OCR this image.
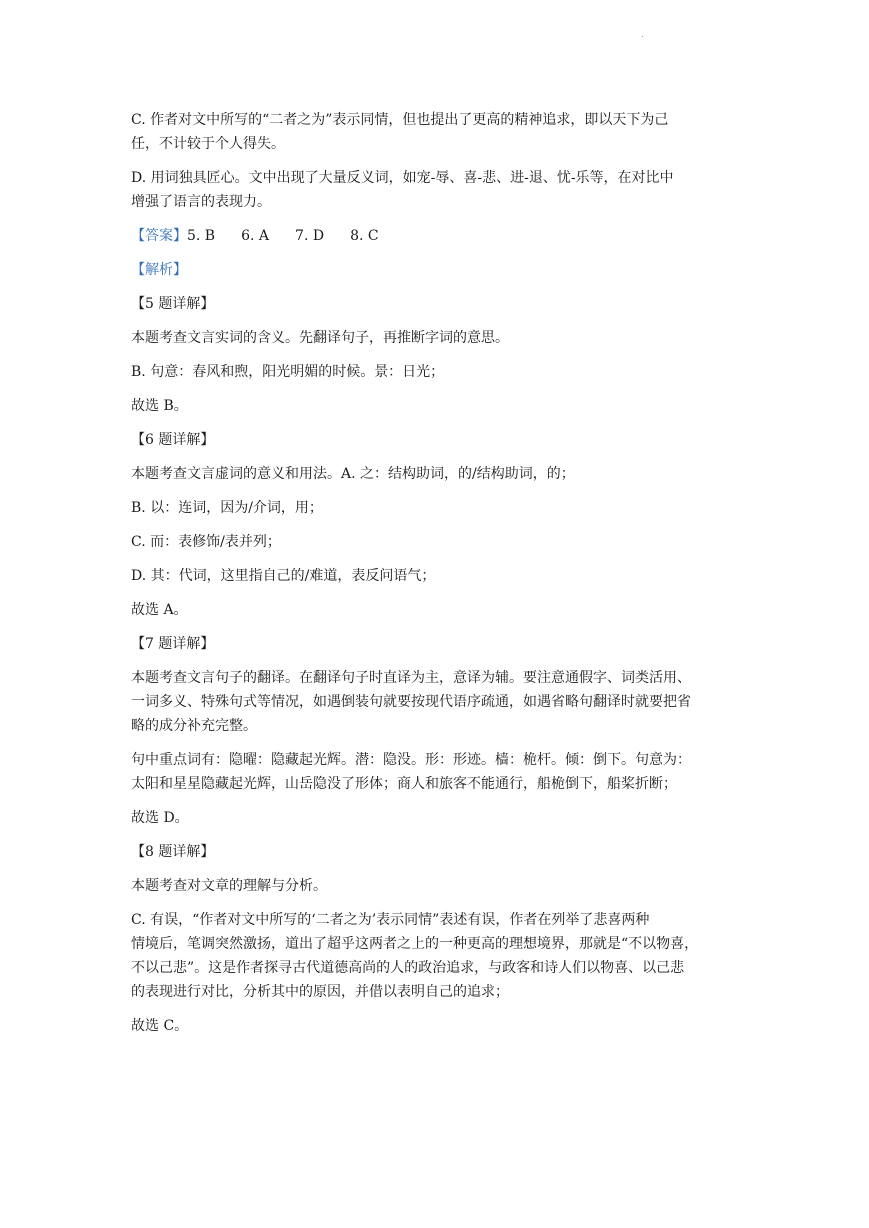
.
C. 作者对文中所写的“二者之为”表示同情，但也提出了更高的精神追求，即以天下为己
任，不计较于个人得失。
D. 用词独具匠心。文中出现了大量反义词，如宠-辱、喜-悲、进-退、忧-乐等，在对比中
增强了语言的表现力。
【答案】5. B 6. A 7. D 8. C
【解析】
【5 题详解】
本题考查文言实词的含义。先翻译句子，再推断字词的意思。
B. 句意：春风和煦，阳光明媚的时候。景：日光；
故选 B。
【6 题详解】
本题考查文言虚词的意义和用法。A. 之：结构助词，的/结构助词，的；
B. 以：连词，因为/介词，用；
C. 而：表修饰/表并列；
D. 其：代词，这里指自己的/难道，表反问语气；
故选 A。
【7 题详解】
本题考查文言句子的翻译。在翻译句子时直译为主，意译为辅。要注意通假字、词类活用、
一词多义、特殊句式等情况，如遇倒装句就要按现代语序疏通，如遇省略句翻译时就要把省
略的成分补充完整。
句中重点词有：隐曜：隐藏起光辉。潜：隐没。形：形迹。樯：桅杆。倾：倒下。句意为：
太阳和星星隐藏起光辉，山岳隐没了形体；商人和旅客不能通行，船桅倒下，船桨折断；
故选 D。
【8 题详解】
本题考查对文章的理解与分析。
C. 有误，“作者对文中所写的‘二者之为’表示同情”表述有误，作者在列举了悲喜两种
情境后，笔调突然激扬，道出了超乎这两者之上的一种更高的理想境界，那就是“不以物喜，
不以己悲”。这是作者探寻古代道德高尚的人的政治追求，与政客和诗人们以物喜、以己悲
的表现进行对比，分析其中的原因，并借以表明自己的追求；
故选 C。
